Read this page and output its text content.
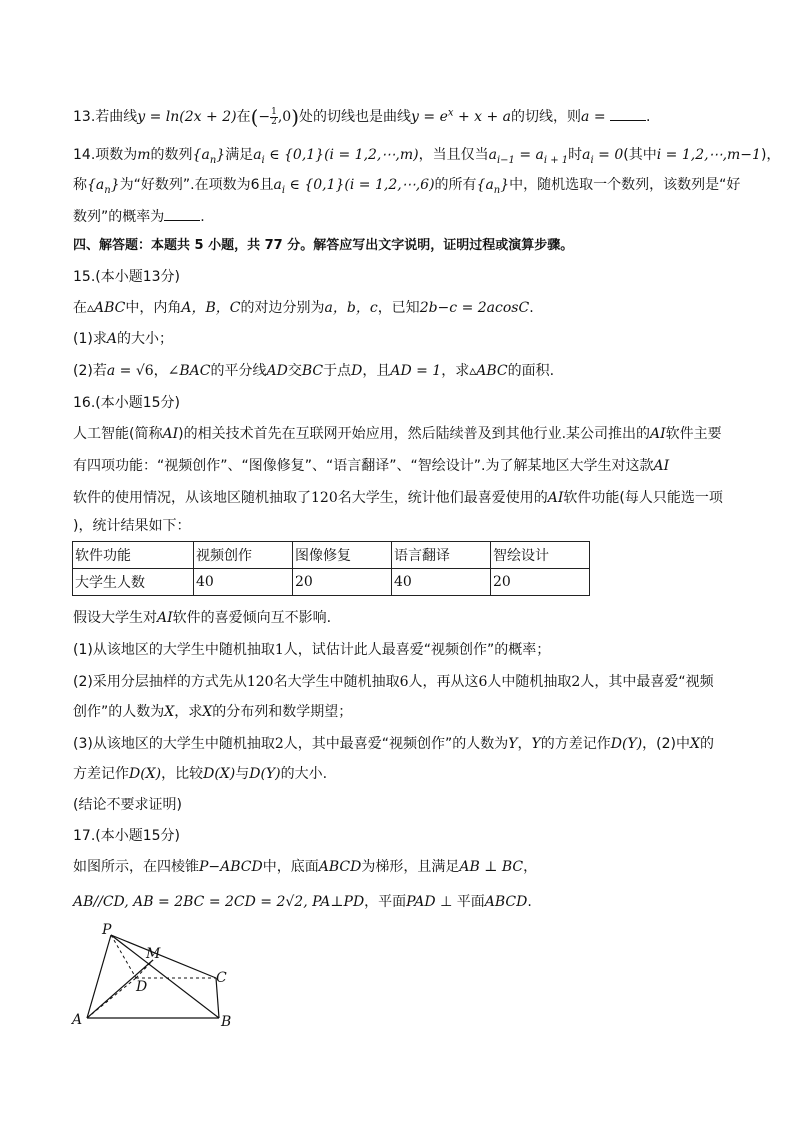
13.若曲线y = ln(2x + 2)在(− $\frac{1}{2} ,0$)处的切线也是曲线$y = e^x + x + a$的切线，则a =	.
14.项数为m的数列$\{a_n\}$满足$a_i$ ∈ {0,1}(i = 1,2,⋯,m)，当且仅当$a_{i-1} = a_{i + 1}$时$a_i = 0$(其中i = 1,2,⋯,m−1)，
称$\{a_n\}$为“好数列”.在项数为6且$a_i$ ∈ {0,1}(i = 1,2,⋯,6)的所有$\{a_n\}$中，随机选取一个数列，该数列是“好
数列”的概率为	.
四、解答题：本题共 5 小题，共 77 分。解答应写出文字说明，证明过程或演算步骤。
15.(本小题13分)
在▵ABC中，内角A，B，C的对边分别为a，b，c，已知2b−c = 2acosC.
(1)求A的大小；
(2)若a = √6，∠BAC的平分线AD交BC于点D，且AD = 1，求▵ABC的面积.
16.(本小题15分)
人工智能(简称AI)的相关技术首先在互联网开始应用，然后陆续普及到其他行业.某公司推出的AI软件主要
有四项功能：“视频创作”、“图像修复”、“语言翻译”、“智绘设计”.为了解某地区大学生对这款AI
软件的使用情况，从该地区随机抽取了120名大学生，统计他们最喜爱使用的AI软件功能(每人只能选一项
)，统计结果如下：
软件功能	视频创作	图像修复	语言翻译	智绘设计
大学生人数	40	20	40	20
假设大学生对AI软件的喜爱倾向互不影响.
(1)从该地区的大学生中随机抽取1人，试估计此人最喜爱“视频创作”的概率；
(2)采用分层抽样的方式先从120名大学生中随机抽取6人，再从这6人中随机抽取2人，其中最喜爱“视频
创作”的人数为X，求X的分布列和数学期望；
(3)从该地区的大学生中随机抽取2人，其中最喜爱“视频创作”的人数为Y，Y的方差记作D(Y)，(2)中X的
方差记作D(X)，比较D(X)与D(Y)的大小.
(结论不要求证明)
17.(本小题15分)
如图所示，在四棱锥P−ABCD中，底面ABCD为梯形，且满足AB ⊥ BC，
AB//CD, AB = 2BC = 2CD = 2√2, PA⊥PD，平面PAD ⊥ 平面ABCD.
P
M
D
C
A	B
